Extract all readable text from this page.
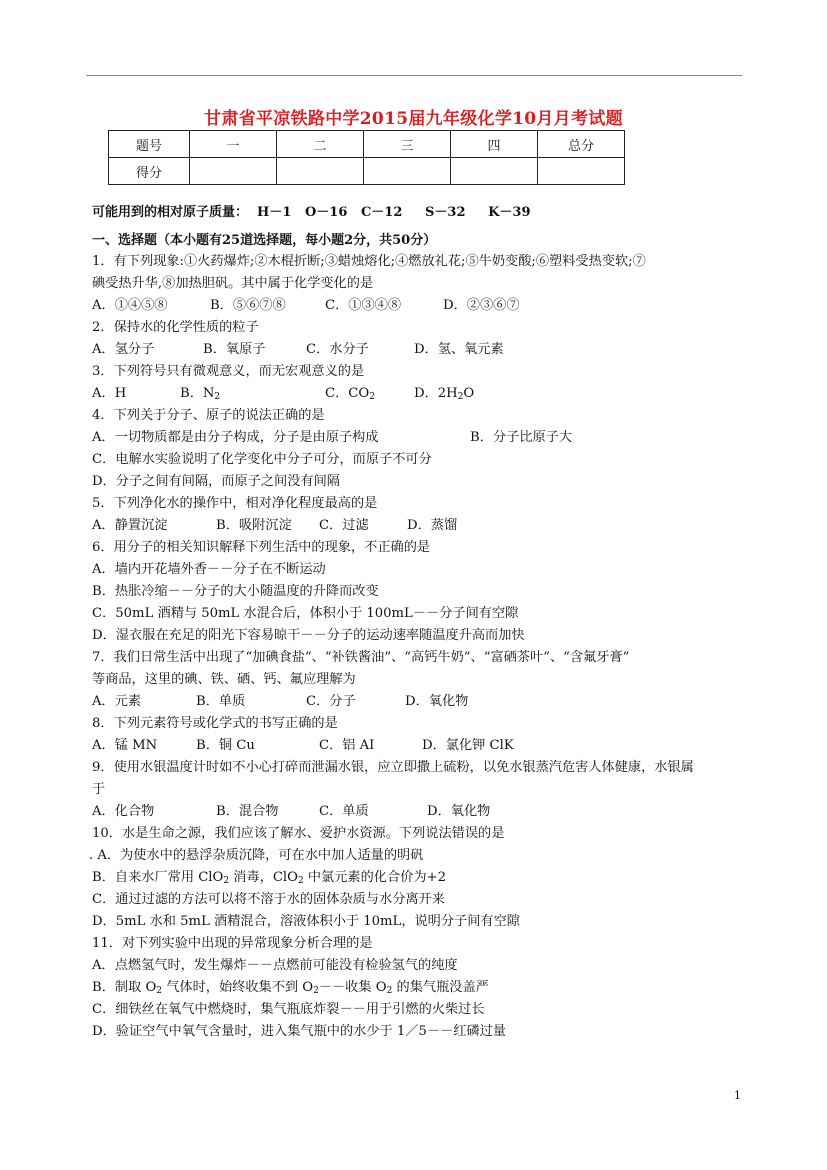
甘肃省平凉铁路中学2015届九年级化学10月月考试题
题号	一	二	三	四	总分
得分					
可能用到的相对原子质量：  H－1   O－16   C－12     S－32     K－39
一、选择题（本小题有25道选择题，每小题2分，共50分）
1．有下列现象:①火药爆炸;②木棍折断;③蜡烛熔化;④燃放礼花;⑤牛奶变酸;⑥塑料受热变软;⑦
碘受热升华,⑧加热胆矾。其中属于化学变化的是
A．①④⑤⑧	B．⑤⑥⑦⑧	C．①③④⑧	D．②③⑥⑦
2．保持水的化学性质的粒子
A．氢分子	B．氧原子	C．水分子	D．氢、氧元素
3．下列符号只有微观意义，而无宏观意义的是
A．H	B．$N_2$	C．$CO_2$	D．$2H_2O$
4．下列关于分子、原子的说法正确的是
A．一切物质都是由分子构成，分子是由原子构成	B．分子比原子大
C．电解水实验说明了化学变化中分子可分，而原子不可分
D．分子之间有间隔，而原子之间没有间隔
5．下列净化水的操作中，相对净化程度最高的是
A．静置沉淀	B．吸附沉淀 C．过滤	D．蒸馏
6．用分子的相关知识解释下列生活中的现象，不正确的是
A．墙内开花墙外香－－分子在不断运动
B．热胀冷缩－－分子的大小随温度的升降而改变
C．50mL 酒精与 50mL 水混合后，体积小于 100mL－－分子间有空隙
D．湿衣服在充足的阳光下容易晾干－－分子的运动速率随温度升高而加快
7．我们日常生活中出现了“加碘食盐”、“补铁酱油”、“高钙牛奶”、“富硒茶叶”、“含氟牙膏”
等商品，这里的碘、铁、硒、钙、氟应理解为
A．元素	B．单质	C．分子	D．氧化物
8．下列元素符号或化学式的书写正确的是
A．锰 MN	B．铜 Cu	C．铝 AI	D．氯化钾 ClK
9．使用水银温度计时如不小心打碎而泄漏水银，应立即撒上硫粉，以免水银蒸汽危害人体健康，水银属
于
A．化合物	B．混合物	C．单质	D．氧化物
10．水是生命之源，我们应该了解水、爱护水资源。下列说法错误的是
. A．为使水中的悬浮杂质沉降，可在水中加人适量的明矾
B．自来水厂常用 ClO$_2$ 消毒，ClO$_2$ 中氯元素的化合价为+2
C．通过过滤的方法可以将不溶于水的固体杂质与水分离开来
D．5mL 水和 5mL 酒精混合，溶液体积小于 10mL，说明分子间有空隙
11．对下列实验中出现的异常现象分析合理的是
A．点燃氢气时，发生爆炸－－点燃前可能没有检验氢气的纯度
B．制取 $O_2$ 气体时，始终收集不到 $O_2--$收集 $O_2$ 的集气瓶没盖严
C．细铁丝在氧气中燃烧时，集气瓶底炸裂－－用于引燃的火柴过长
D．验证空气中氧气含量时，进入集气瓶中的水少于 1／5－－红磷过量
1
